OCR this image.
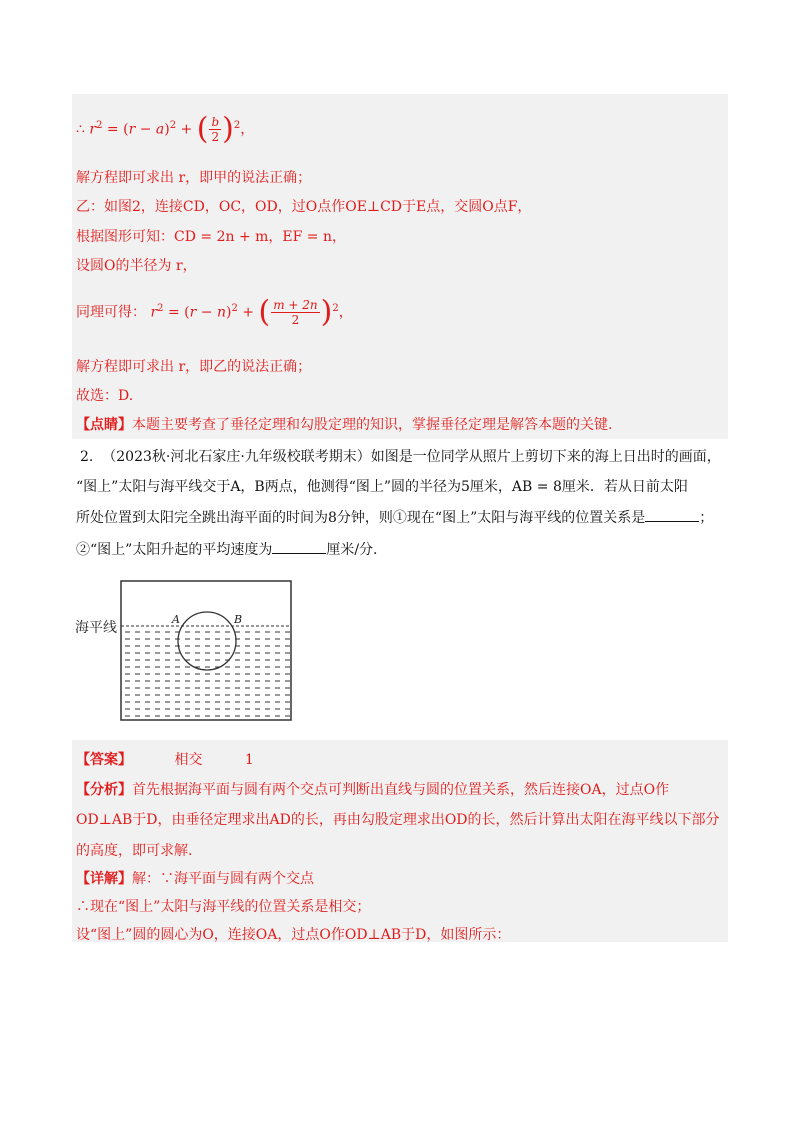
∴ $r^2 = (r - a)^2$ + ( $\frac{b}{2} )^2$，
解方程即可求出 r，即甲的说法正确；
乙：如图2，连接CD，OC，OD，过O点作OE⊥CD于E点，交圆O点F，
根据图形可知：CD = 2n + m，EF = n，
设圆O的半径为 r，
同理可得： $r^2 = (r - n)^2$ + ( $\frac{m + 2n}{2} )^2$，
解方程即可求出 r，即乙的说法正确；
故选：D.
【点睛】本题主要考查了垂径定理和勾股定理的知识，掌握垂径定理是解答本题的关键.
2. （2023秋·河北石家庄·九年级校联考期末）如图是一位同学从照片上剪切下来的海上日出时的画面，
“图上”太阳与海平线交于A，B两点，他测得“图上”圆的半径为5厘米，AB = 8厘米．若从日前太阳
所处位置到太阳完全跳出海平面的时间为8分钟，则①现在“图上”太阳与海平线的位置关系是	；
②“图上”太阳升起的平均速度为	厘米/分.
海平线
A	B
【答案】	相交	1
【分析】首先根据海平面与圆有两个交点可判断出直线与圆的位置关系，然后连接OA，过点O作
OD⊥AB于D，由垂径定理求出AD的长，再由勾股定理求出OD的长，然后计算出太阳在海平线以下部分
的高度，即可求解.
【详解】解：∵海平面与圆有两个交点
∴现在“图上”太阳与海平线的位置关系是相交；
设“图上”圆的圆心为O，连接OA，过点O作OD⊥AB于D，如图所示：
